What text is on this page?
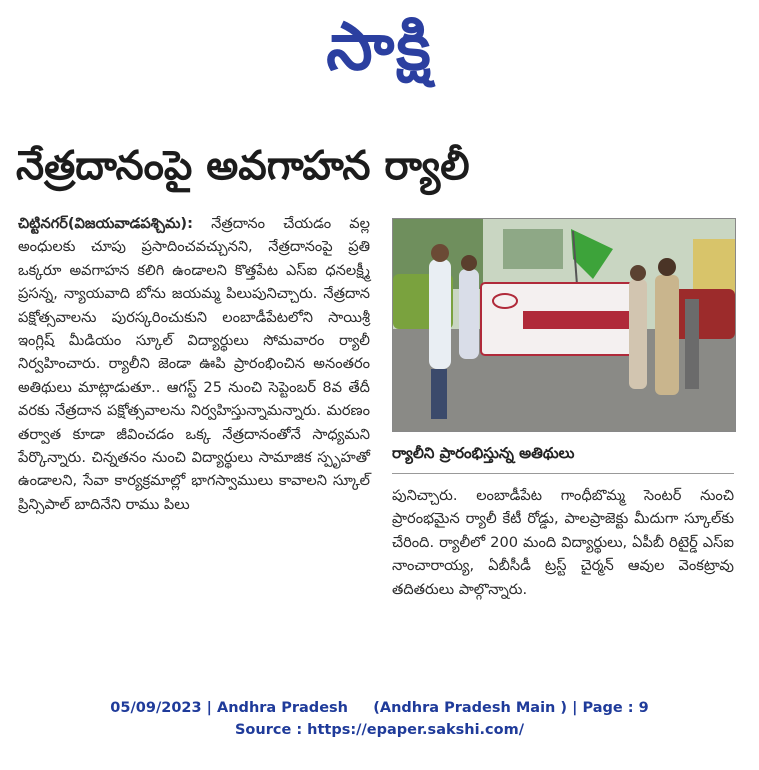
సాక్షి
నేత్రదానంపై అవగాహన ర్యాలీ

చిట్టినగర్(విజయవాడపశ్చిమ): నేత్రదానం చేయడం వల్ల అంధులకు చూపు ప్రసాదించవచ్చునని, నేత్రదానంపై ప్రతి ఒక్కరూ అవగాహన కలిగి ఉండాలని కొత్తపేట ఎస్ఐ ధనలక్ష్మీ ప్రసన్న, న్యాయవాది బోను జయమ్మ పిలుపునిచ్చారు. నేత్రదాన పక్షోత్సవాలను పురస్కరించుకుని లంబాడీపేటలోని సాయిశ్రీ ఇంగ్లిష్ మీడియం స్కూల్ విద్యార్థులు సోమవారం ర్యాలీ నిర్వహించారు. ర్యాలీని జెండా ఊపి ప్రారంభించిన అనంతరం అతిథులు మాట్లాడుతూ.. ఆగస్ట్ 25 నుంచి సెప్టెంబర్ 8వ తేదీ వరకు నేత్రదాన పక్షోత్సవాలను నిర్వహిస్తున్నామన్నారు. మరణం తర్వాత కూడా జీవించడం ఒక్క నేత్రదానంతోనే సాధ్యమని పేర్కొన్నారు. చిన్నతనం నుంచి విద్యార్థులు సామాజిక స్పృహతో ఉండాలని, సేవా కార్యక్రమాల్లో భాగస్వాములు కావాలని స్కూల్ ప్రిన్సిపాల్ బాదినేని రాము పిలు

ర్యాలీని ప్రారంభిస్తున్న అతిథులు

పునిచ్చారు. లంబాడీపేట గాంధీబొమ్మ సెంటర్ నుంచి ప్రారంభమైన ర్యాలీ కేటీ రోడ్డు, పాలప్రాజెక్టు మీదుగా స్కూల్‌కు చేరింది. ర్యాలీలో 200 మంది విద్యార్థులు, ఏపీబీ రిటైర్డ్ ఎస్ఐ నాంచారాయ్య, ఏబీసీడీ ట్రస్ట్ చైర్మన్ ఆవుల వెంకట్రావు తదితరులు పాల్గొన్నారు.

05/09/2023 | Andhra Pradesh (Andhra Pradesh Main ) | Page : 9
Source : https://epaper.sakshi.com/
